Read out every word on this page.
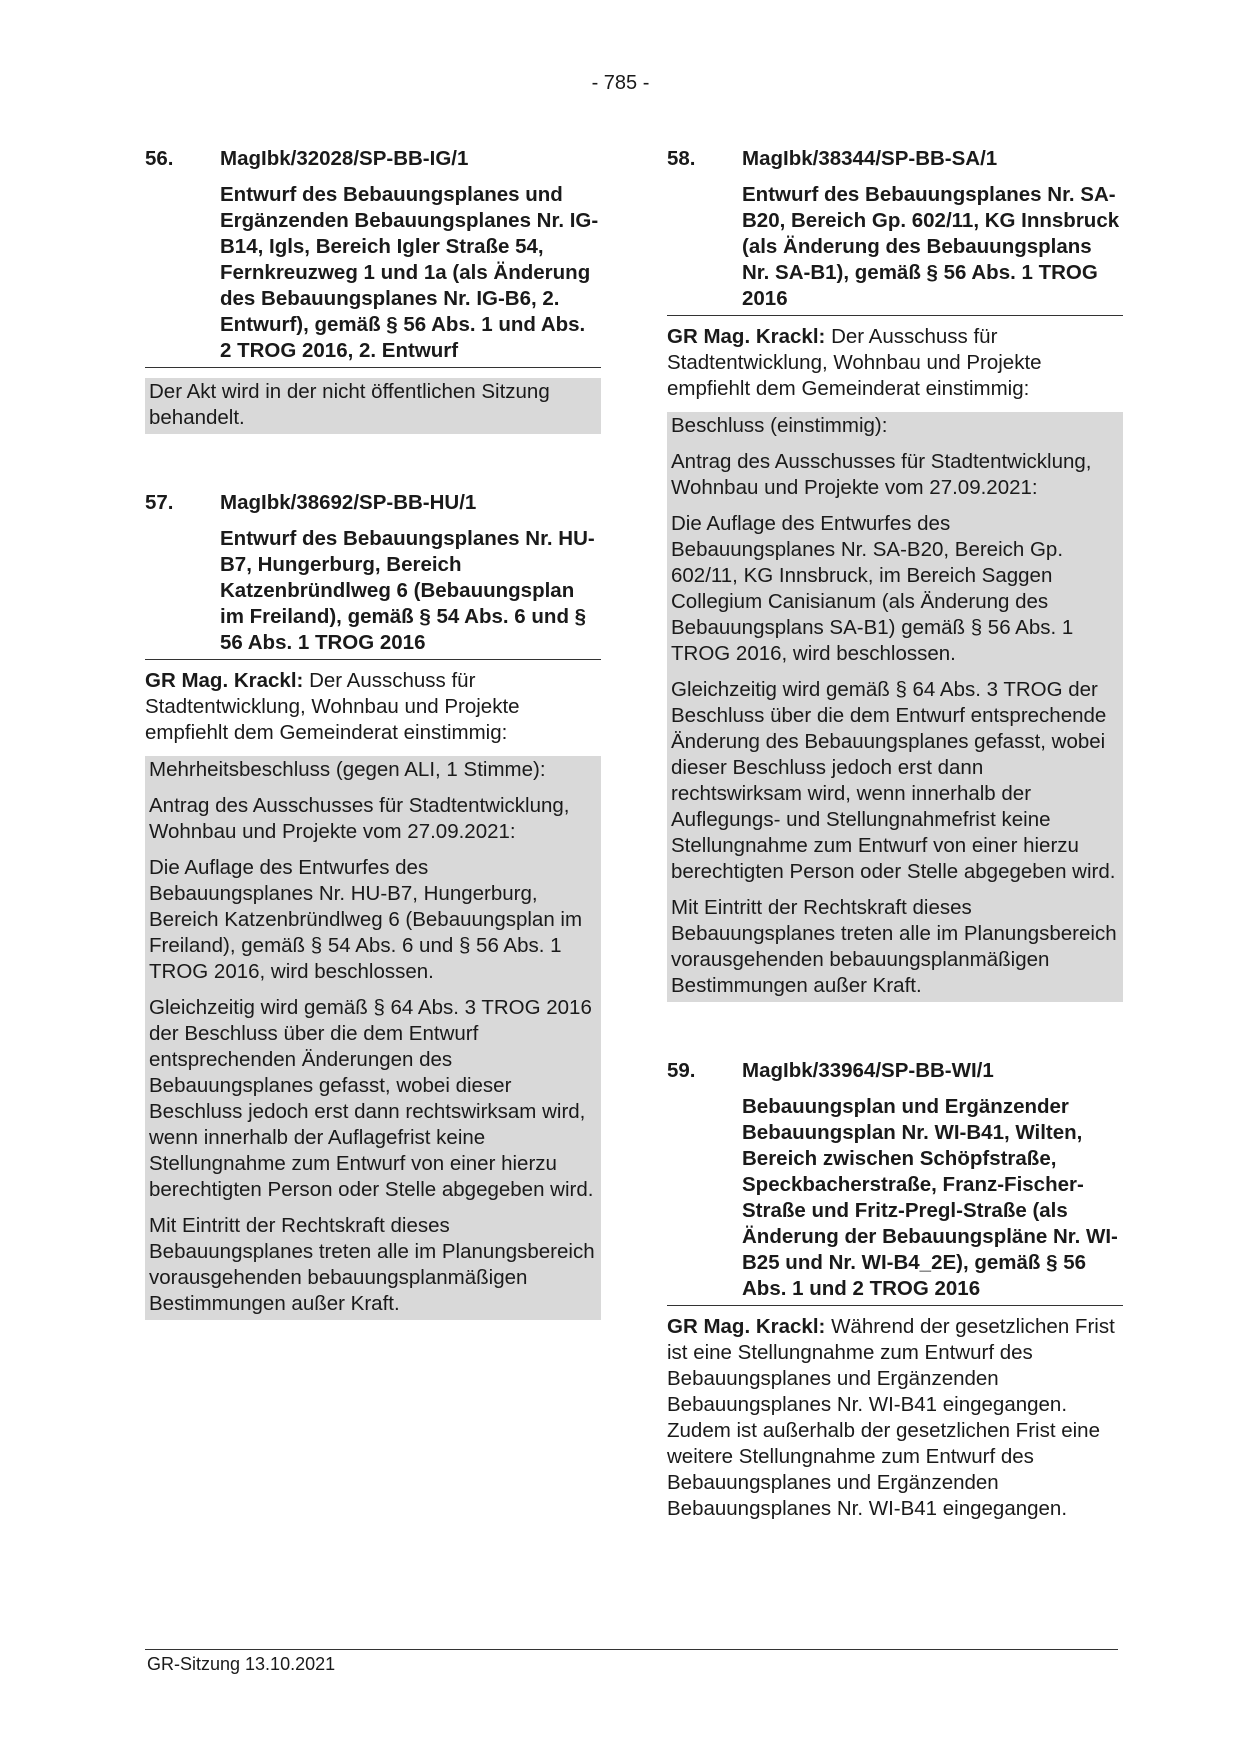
- 785 -
56.	MagIbk/32028/SP-BB-IG/1
Entwurf des Bebauungsplanes und Ergänzenden Bebauungsplanes Nr. IG-B14, Igls, Bereich Igler Straße 54, Fernkreuzweg 1 und 1a (als Änderung des Bebauungsplanes Nr. IG-B6, 2. Entwurf), gemäß § 56 Abs. 1 und Abs. 2 TROG 2016, 2. Entwurf
Der Akt wird in der nicht öffentlichen Sitzung behandelt.
57.	MagIbk/38692/SP-BB-HU/1
Entwurf des Bebauungsplanes Nr. HU-B7, Hungerburg, Bereich Katzenbründlweg 6 (Bebauungsplan im Freiland), gemäß § 54 Abs. 6 und § 56 Abs. 1 TROG 2016
GR Mag. Krackl: Der Ausschuss für Stadtentwicklung, Wohnbau und Projekte empfiehlt dem Gemeinderat einstimmig:
Mehrheitsbeschluss (gegen ALI, 1 Stimme):
Antrag des Ausschusses für Stadtentwicklung, Wohnbau und Projekte vom 27.09.2021:
Die Auflage des Entwurfes des Bebauungsplanes Nr. HU-B7, Hungerburg, Bereich Katzenbründlweg 6 (Bebauungsplan im Freiland), gemäß § 54 Abs. 6 und § 56 Abs. 1 TROG 2016, wird beschlossen.
Gleichzeitig wird gemäß § 64 Abs. 3 TROG 2016 der Beschluss über die dem Entwurf entsprechenden Änderungen des Bebauungsplanes gefasst, wobei dieser Beschluss jedoch erst dann rechtswirksam wird, wenn innerhalb der Auflagefrist keine Stellungnahme zum Entwurf von einer hierzu berechtigten Person oder Stelle abgegeben wird.
Mit Eintritt der Rechtskraft dieses Bebauungsplanes treten alle im Planungsbereich vorausgehenden bebauungsplanmäßigen Bestimmungen außer Kraft.
58.	MagIbk/38344/SP-BB-SA/1
Entwurf des Bebauungsplanes Nr. SA-B20, Bereich Gp. 602/11, KG Innsbruck (als Änderung des Bebauungsplans Nr. SA-B1), gemäß § 56 Abs. 1 TROG 2016
GR Mag. Krackl: Der Ausschuss für Stadtentwicklung, Wohnbau und Projekte empfiehlt dem Gemeinderat einstimmig:
Beschluss (einstimmig):
Antrag des Ausschusses für Stadtentwicklung, Wohnbau und Projekte vom 27.09.2021:
Die Auflage des Entwurfes des Bebauungsplanes Nr. SA-B20, Bereich Gp. 602/11, KG Innsbruck, im Bereich Saggen Collegium Canisianum (als Änderung des Bebauungsplans SA-B1) gemäß § 56 Abs. 1 TROG 2016, wird beschlossen.
Gleichzeitig wird gemäß § 64 Abs. 3 TROG der Beschluss über die dem Entwurf entsprechende Änderung des Bebauungsplanes gefasst, wobei dieser Beschluss jedoch erst dann rechtswirksam wird, wenn innerhalb der Auflegungs- und Stellungnahmefrist keine Stellungnahme zum Entwurf von einer hierzu berechtigten Person oder Stelle abgegeben wird.
Mit Eintritt der Rechtskraft dieses Bebauungsplanes treten alle im Planungsbereich vorausgehenden bebauungsplanmäßigen Bestimmungen außer Kraft.
59.	MagIbk/33964/SP-BB-WI/1
Bebauungsplan und Ergänzender Bebauungsplan Nr. WI-B41, Wilten, Bereich zwischen Schöpfstraße, Speckbacherstraße, Franz-Fischer-Straße und Fritz-Pregl-Straße (als Änderung der Bebauungspläne Nr. WI-B25 und Nr. WI-B4_2E), gemäß § 56 Abs. 1 und 2 TROG 2016
GR Mag. Krackl: Während der gesetzlichen Frist ist eine Stellungnahme zum Entwurf des Bebauungsplanes und Ergänzenden Bebauungsplanes Nr. WI-B41 eingegangen. Zudem ist außerhalb der gesetzlichen Frist eine weitere Stellungnahme zum Entwurf des Bebauungsplanes und Ergänzenden Bebauungsplanes Nr. WI-B41 eingegangen.
GR-Sitzung 13.10.2021
